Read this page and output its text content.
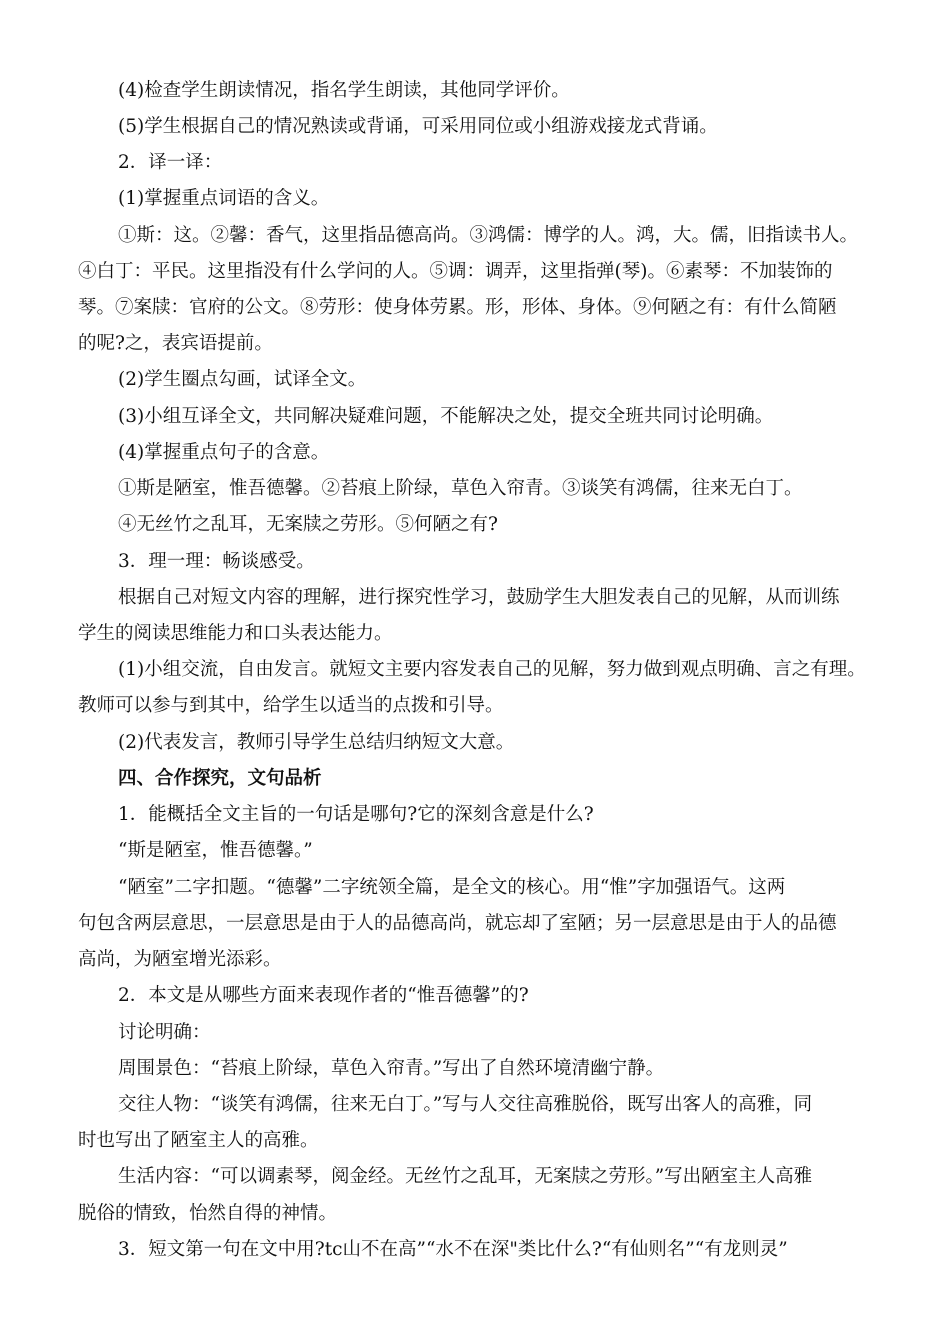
(4)检查学生朗读情况，指名学生朗读，其他同学评价。
(5)学生根据自己的情况熟读或背诵，可采用同位或小组游戏接龙式背诵。
2．译一译：
(1)掌握重点词语的含义。
①斯：这。②馨：香气，这里指品德高尚。③鸿儒：博学的人。鸿，大。儒，旧指读书人。
④白丁：平民。这里指没有什么学问的人。⑤调：调弄，这里指弹(琴)。⑥素琴：不加装饰的
琴。⑦案牍：官府的公文。⑧劳形：使身体劳累。形，形体、身体。⑨何陋之有：有什么简陋
的呢?之，表宾语提前。
(2)学生圈点勾画，试译全文。
(3)小组互译全文，共同解决疑难问题，不能解决之处，提交全班共同讨论明确。
(4)掌握重点句子的含意。
①斯是陋室，惟吾德馨。②苔痕上阶绿，草色入帘青。③谈笑有鸿儒，往来无白丁。
④无丝竹之乱耳，无案牍之劳形。⑤何陋之有?
3．理一理：畅谈感受。
根据自己对短文内容的理解，进行探究性学习，鼓励学生大胆发表自己的见解，从而训练
学生的阅读思维能力和口头表达能力。
(1)小组交流，自由发言。就短文主要内容发表自己的见解，努力做到观点明确、言之有理。
教师可以参与到其中，给学生以适当的点拨和引导。
(2)代表发言，教师引导学生总结归纳短文大意。
四、合作探究，文句品析
1．能概括全文主旨的一句话是哪句?它的深刻含意是什么?
“斯是陋室，惟吾德馨。”
“陋室”二字扣题。“德馨”二字统领全篇，是全文的核心。用“惟”字加强语气。这两
句包含两层意思，一层意思是由于人的品德高尚，就忘却了室陋；另一层意思是由于人的品德
高尚，为陋室增光添彩。
2．本文是从哪些方面来表现作者的“惟吾德馨”的?
讨论明确：
周围景色：“苔痕上阶绿，草色入帘青。”写出了自然环境清幽宁静。
交往人物：“谈笑有鸿儒，往来无白丁。”写与人交往高雅脱俗，既写出客人的高雅，同
时也写出了陋室主人的高雅。
生活内容：“可以调素琴，阅金经。无丝竹之乱耳，无案牍之劳形。”写出陋室主人高雅
脱俗的情致，怡然自得的神情。
3．短文第一句在文中用?tc山不在高”“水不在深"类比什么?“有仙则名”“有龙则灵”
